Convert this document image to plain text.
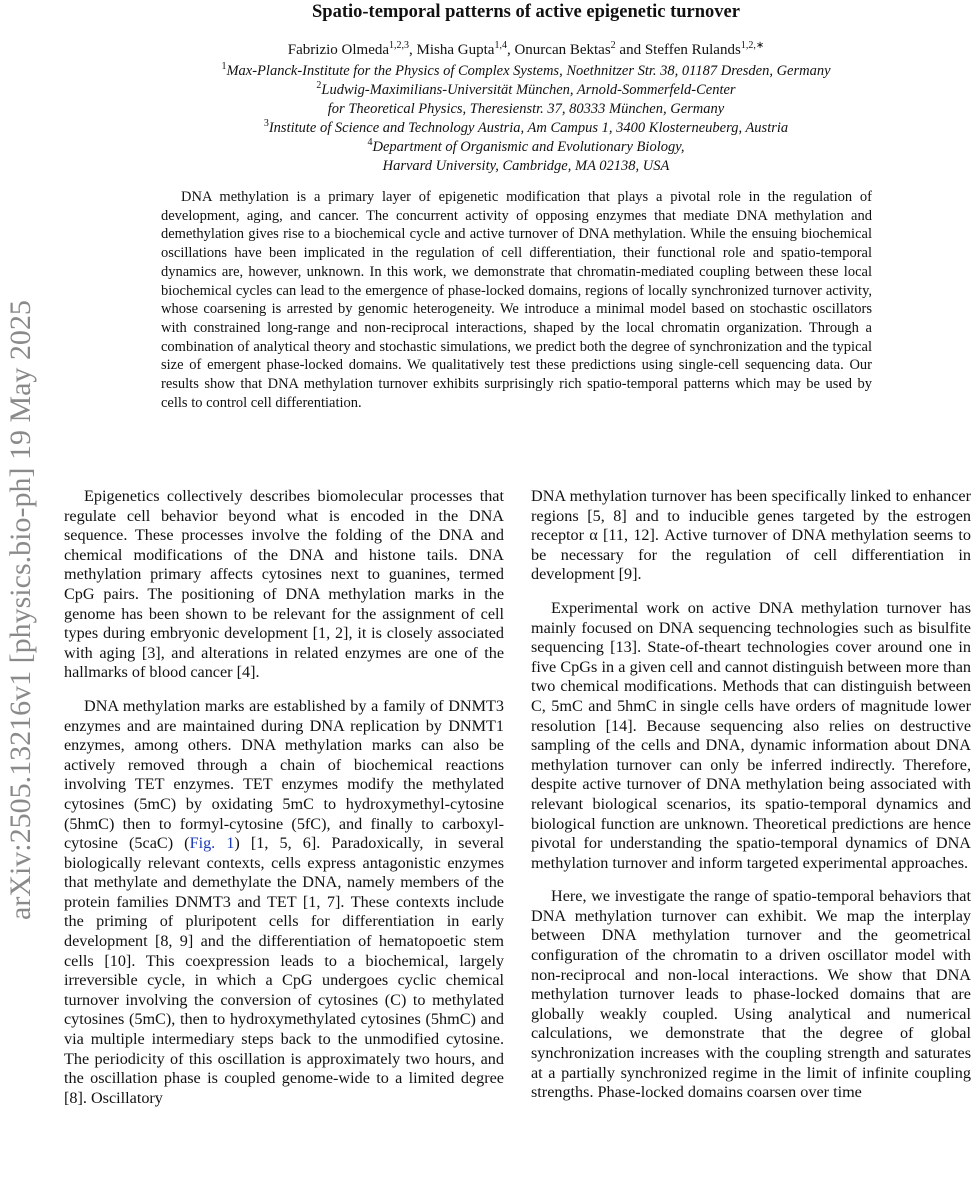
arXiv:2505.13216v1 [physics.bio-ph] 19 May 2025
Spatio-temporal patterns of active epigenetic turnover
Fabrizio Olmeda$^{1,2,3}$, Misha Gupta$^{1,4}$, Onurcan Bektas$^2$ and Steffen Rulands$^{1,2,∗}$
$^1$Max-Planck-Institute for the Physics of Complex Systems, Noethnitzer Str. 38, 01187 Dresden, Germany
$^2$Ludwig-Maximilians-Universität München, Arnold-Sommerfeld-Center
for Theoretical Physics, Theresienstr. 37, 80333 München, Germany
$^3$Institute of Science and Technology Austria, Am Campus 1, 3400 Klosterneuberg, Austria
$^4$Department of Organismic and Evolutionary Biology,
Harvard University, Cambridge, MA 02138, USA
DNA methylation is a primary layer of epigenetic modification that plays a pivotal role in the regulation of development, aging, and cancer. The concurrent activity of opposing enzymes that mediate DNA methylation and demethylation gives rise to a biochemical cycle and active turnover of DNA methylation. While the ensuing biochemical oscillations have been implicated in the regulation of cell differentiation, their functional role and spatio-temporal dynamics are, however, unknown. In this work, we demonstrate that chromatin-mediated coupling between these local biochemical cycles can lead to the emergence of phase-locked domains, regions of locally synchronized turnover activity, whose coarsening is arrested by genomic heterogeneity. We introduce a minimal model based on stochastic oscillators with constrained long-range and non-reciprocal interactions, shaped by the local chromatin organization. Through a combination of analytical theory and stochastic simulations, we predict both the degree of synchronization and the typical size of emergent phase-locked domains. We qualitatively test these predictions using single-cell sequencing data. Our results show that DNA methylation turnover exhibits surprisingly rich spatio-temporal patterns which may be used by cells to control cell differentiation.

Epigenetics collectively describes biomolecular processes that regulate cell behavior beyond what is encoded in the DNA sequence. These processes involve the folding of the DNA and chemical modifications of the DNA and histone tails. DNA methylation primary affects cytosines next to guanines, termed CpG pairs. The positioning of DNA methylation marks in the genome has been shown to be relevant for the assignment of cell types during embryonic development [1, 2], it is closely associated with aging [3], and alterations in related enzymes are one of the hallmarks of blood cancer [4].

DNA methylation marks are established by a family of DNMT3 enzymes and are maintained during DNA replication by DNMT1 enzymes, among others. DNA methylation marks can also be actively removed through a chain of biochemical reactions involving TET enzymes. TET enzymes modify the methylated cytosines (5mC) by oxidating 5mC to hydroxymethyl-cytosine (5hmC) then to formyl-cytosine (5fC), and finally to carboxyl-cytosine (5caC) (Fig. 1) [1, 5, 6]. Paradoxically, in several biologically relevant contexts, cells express antagonistic enzymes that methylate and demethylate the DNA, namely members of the protein families DNMT3 and TET [1, 7]. These contexts include the priming of pluripotent cells for differentiation in early development [8, 9] and the differentiation of hematopoetic stem cells [10]. This coexpression leads to a biochemical, largely irreversible cycle, in which a CpG undergoes cyclic chemical turnover involving the conversion of cytosines (C) to methylated cytosines (5mC), then to hydroxymethylated cytosines (5hmC) and via multiple intermediary steps back to the unmodified cytosine. The periodicity of this oscillation is approximately two hours, and the oscillation phase is coupled genome-wide to a limited degree [8]. Oscillatory

DNA methylation turnover has been specifically linked to enhancer regions [5, 8] and to inducible genes targeted by the estrogen receptor α [11, 12]. Active turnover of DNA methylation seems to be necessary for the regulation of cell differentiation in development [9].

Experimental work on active DNA methylation turnover has mainly focused on DNA sequencing technologies such as bisulfite sequencing [13]. State-of-theart technologies cover around one in five CpGs in a given cell and cannot distinguish between more than two chemical modifications. Methods that can distinguish between C, 5mC and 5hmC in single cells have orders of magnitude lower resolution [14]. Because sequencing also relies on destructive sampling of the cells and DNA, dynamic information about DNA methylation turnover can only be inferred indirectly. Therefore, despite active turnover of DNA methylation being associated with relevant biological scenarios, its spatio-temporal dynamics and biological function are unknown. Theoretical predictions are hence pivotal for understanding the spatio-temporal dynamics of DNA methylation turnover and inform targeted experimental approaches.

Here, we investigate the range of spatio-temporal behaviors that DNA methylation turnover can exhibit. We map the interplay between DNA methylation turnover and the geometrical configuration of the chromatin to a driven oscillator model with non-reciprocal and non-local interactions. We show that DNA methylation turnover leads to phase-locked domains that are globally weakly coupled. Using analytical and numerical calculations, we demonstrate that the degree of global synchronization increases with the coupling strength and saturates at a partially synchronized regime in the limit of infinite coupling strengths. Phase-locked domains coarsen over time
